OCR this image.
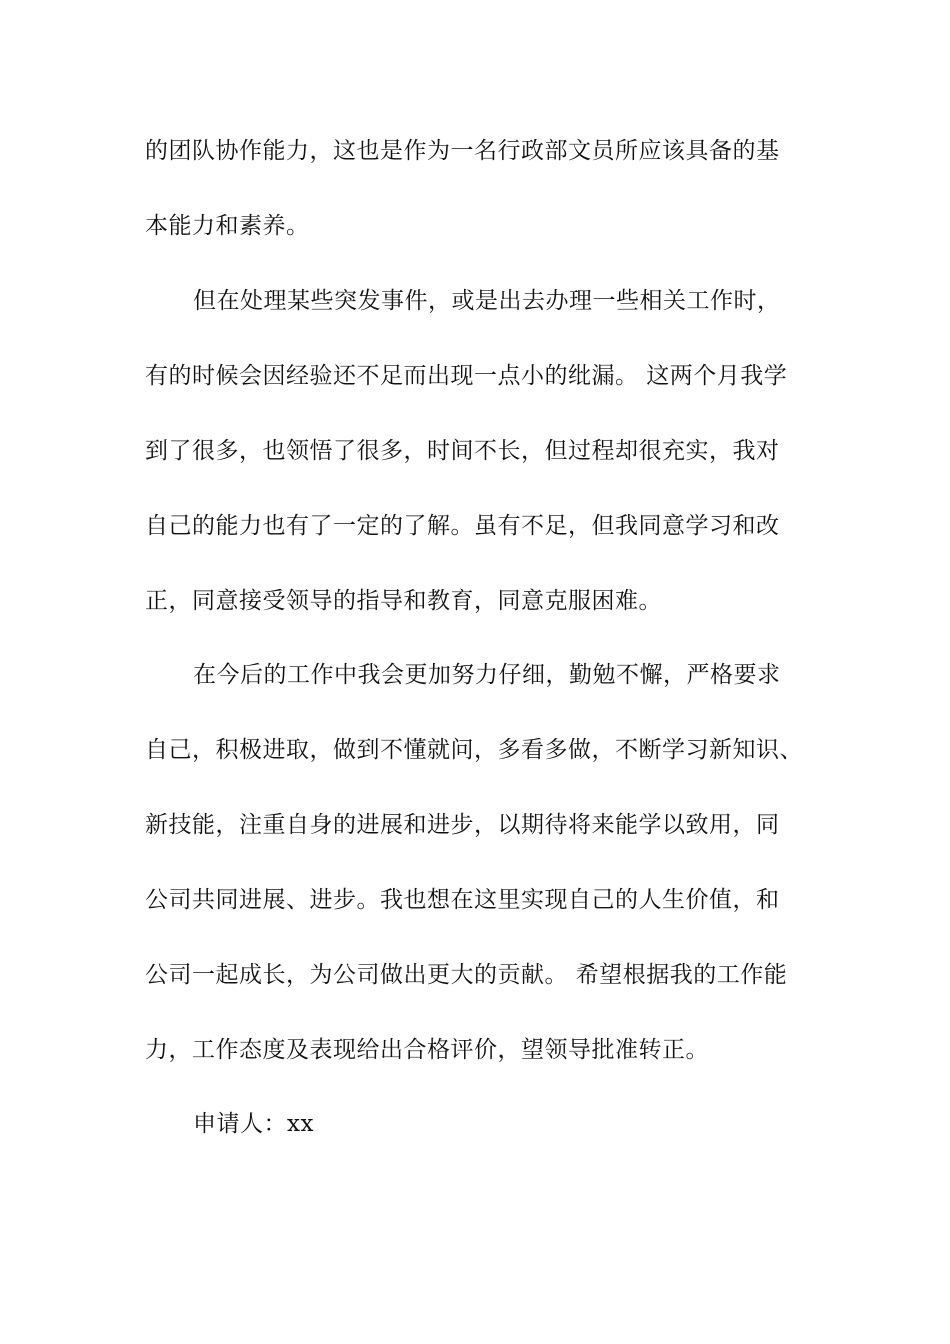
的团队协作能力，这也是作为一名行政部文员所应该具备的基
本能力和素养。
但在处理某些突发事件，或是出去办理一些相关工作时，
有的时候会因经验还不足而出现一点小的纰漏。 这两个月我学
到了很多，也领悟了很多，时间不长，但过程却很充实，我对
自己的能力也有了一定的了解。虽有不足，但我同意学习和改
正，同意接受领导的指导和教育，同意克服困难。
在今后的工作中我会更加努力仔细，勤勉不懈，严格要求
自己，积极进取，做到不懂就问，多看多做，不断学习新知识、
新技能，注重自身的进展和进步，以期待将来能学以致用，同
公司共同进展、进步。我也想在这里实现自己的人生价值，和
公司一起成长，为公司做出更大的贡献。 希望根据我的工作能
力，工作态度及表现给出合格评价，望领导批准转正。
申请人：xx
